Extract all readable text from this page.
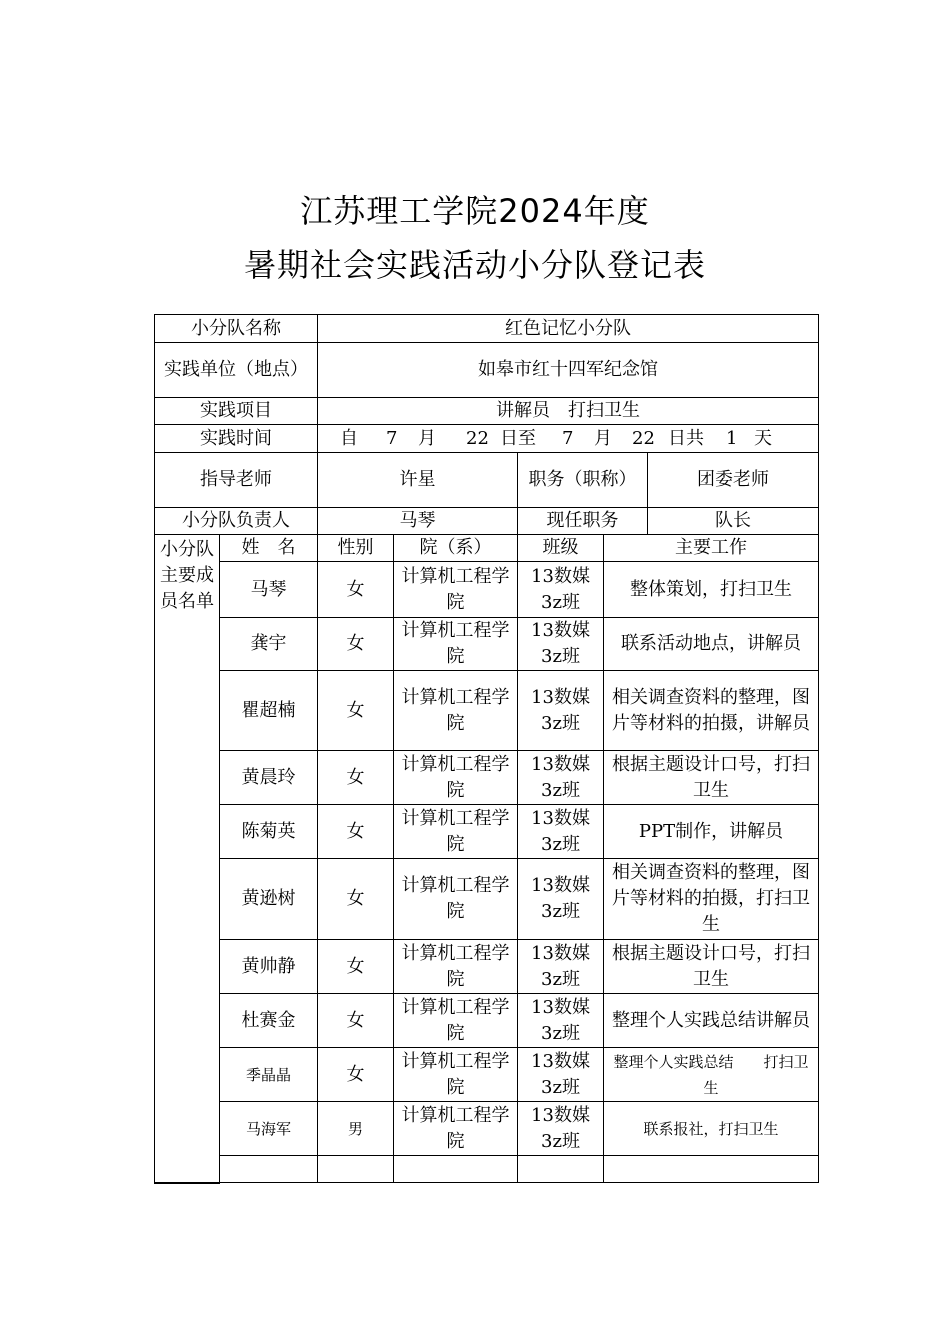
江苏理工学院2024年度
暑期社会实践活动小分队登记表
小分队名称		红色记忆小分队				
实践单位（地点）		如皋市红十四军纪念馆				
实践项目		讲解员　打扫卫生				
实践时间		自 7 月 22 日至 7 月 22 日共 1 天				
指导老师		许星		职务（职称）		团委老师
小分队负责人		马琴		现任职务		队长
小分队主要成员名单	姓　名	性别	院（系）	班级	主要工作	
	马琴	女	计算机工程学院	13数媒3z班	整体策划，打扫卫生	
	龚宇	女	计算机工程学院	13数媒3z班	联系活动地点，讲解员	
	瞿超楠	女	计算机工程学院	13数媒3z班	相关调查资料的整理，图片等材料的拍摄，讲解员	
	黄晨玲	女	计算机工程学院	13数媒3z班	根据主题设计口号，打扫卫生	
	陈菊英	女	计算机工程学院	13数媒3z班	PPT制作，讲解员	
	黄逊树	女	计算机工程学院	13数媒3z班	相关调查资料的整理，图片等材料的拍摄，打扫卫生	
	黄帅静	女	计算机工程学院	13数媒3z班	根据主题设计口号，打扫卫生	
	杜赛金	女	计算机工程学院	13数媒3z班	整理个人实践总结讲解员	
	季晶晶	女	计算机工程学院	13数媒3z班	整理个人实践总结　　打扫卫生	
	马海军	男	计算机工程学院	13数媒3z班	联系报社，打扫卫生	
